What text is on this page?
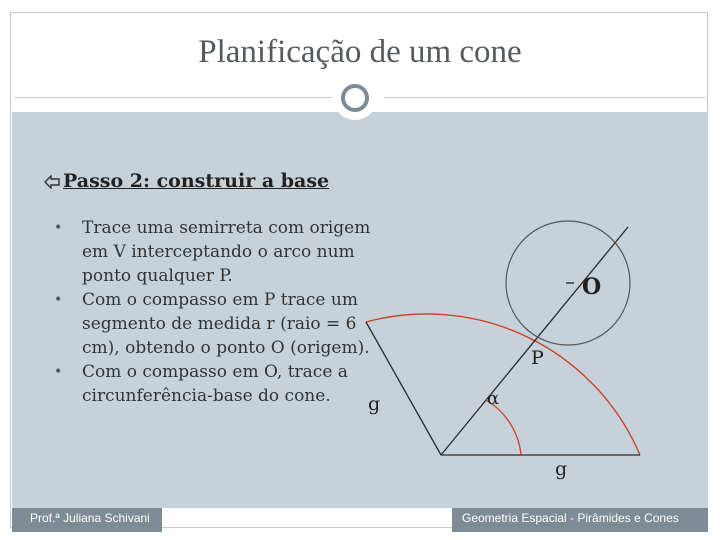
Planificação de um cone
Passo 2: construir a base
• Trace uma semirreta com origem em V interceptando o arco num ponto qualquer P.
• Com o compasso em P trace um segmento de medida r (raio = 6 cm), obtendo o ponto O (origem).
• Com o compasso em O, trace a circunferência-base do cone.
O
P
α
g
g
Prof.ª Juliana Schivani	Geometria Espacial - Pirâmides e Cones
